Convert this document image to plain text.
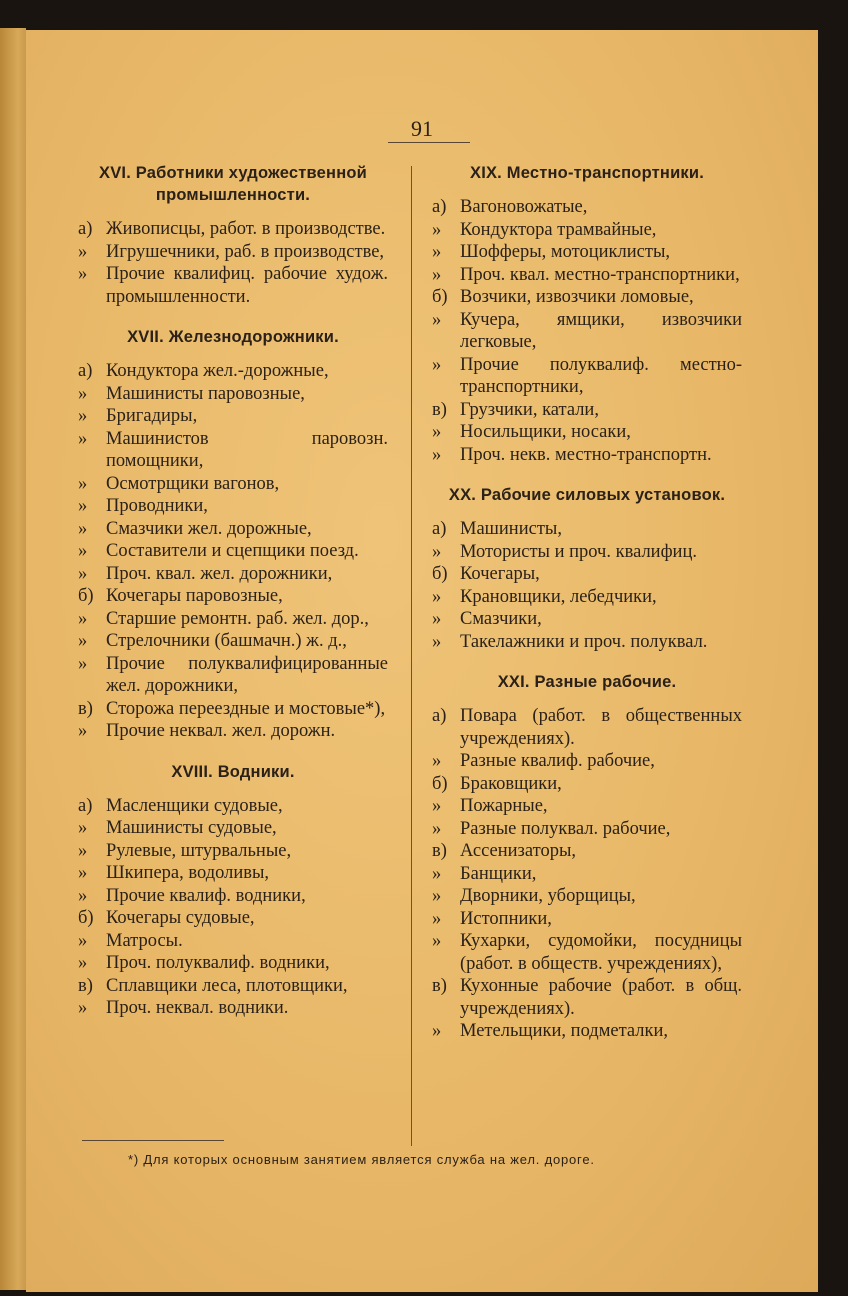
91
XVI. Работники художественной промышленности.
а) Живописцы, работ. в производстве.
»	Игрушечники, раб. в производстве,
»	Прочие квалифиц. рабочие худож. промышленности.
XVII. Железнодорожники.
а) Кондуктора жел.-дорожные,
»	Машинисты паровозные,
»	Бригадиры,
»	Машинистов паровозн. помощники,
»	Осмотрщики вагонов,
»	Проводники,
»	Смазчики жел. дорожные,
»	Составители и сцепщики поезд.
»	Проч. квал. жел. дорожники,
б) Кочегары паровозные,
»	Старшие ремонтн. раб. жел. дор.,
»	Стрелочники (башмачн.) ж. д.,
»	Прочие полуквалифицированные жел. дорожники,
в) Сторожа переездные и мостовые*),
»	Прочие неквал. жел. дорожн.
XVIII. Водники.
а) Масленщики судовые,
»	Машинисты судовые,
»	Рулевые, штурвальные,
»	Шкипера, водоливы,
»	Прочие квалиф. водники,
б) Кочегары судовые,
»	Матросы.
»	Проч. полуквалиф. водники,
в) Сплавщики леса, плотовщики,
»	Проч. неквал. водники.
XIX. Местно-транспортники.
а) Вагоновожатые,
»	Кондуктора трамвайные,
»	Шофферы, мотоциклисты,
»	Проч. квал. местно-транспортники,
б) Возчики, извозчики ломовые,
»	Кучера, ямщики, извозчики легковые,
»	Прочие полуквалиф. местно-транспортники,
в) Грузчики, катали,
»	Носильщики, носаки,
»	Проч. некв. местно-транспортн.
XX. Рабочие силовых установок.
а) Машинисты,
»	Мотористы и проч. квалифиц.
б) Кочегары,
»	Крановщики, лебедчики,
»	Смазчики,
»	Такелажники и проч. полуквал.
XXI. Разные рабочие.
а) Повара (работ. в общественных учреждениях).
»	Разные квалиф. рабочие,
б) Браковщики,
»	Пожарные,
»	Разные полуквал. рабочие,
в) Ассенизаторы,
»	Банщики,
»	Дворники, уборщицы,
»	Истопники,
»	Кухарки, судомойки, посудницы (работ. в обществ. учреждениях),
в) Кухонные рабочие (работ. в общ. учреждениях).
»	Метельщики, подметалки,
*) Для которых основным занятием является служба на жел. дороге.
